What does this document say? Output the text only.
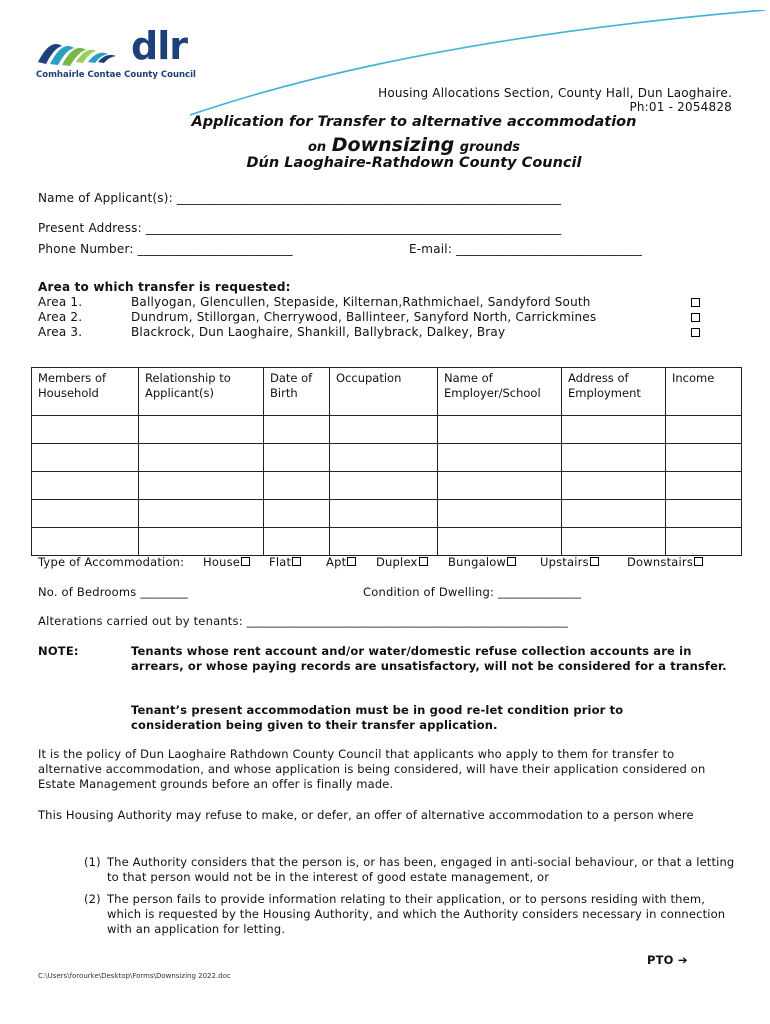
dlr
Comhairle Contae County Council
Housing Allocations Section, County Hall, Dun Laoghaire.
Ph:01 - 2054828
Application for Transfer to alternative accommodation
on Downsizing grounds
Dún Laoghaire-Rathdown County Council
Name of Applicant(s): ______________________________________________________________
Present Address: ___________________________________________________________________
Phone Number: _________________________	E-mail: ______________________________
Area to which transfer is requested:
Area 1.	Ballyogan, Glencullen, Stepaside, Kilternan,Rathmichael, Sandyford South
Area 2.	Dundrum, Stillorgan, Cherrywood, Ballinteer, Sanyford North, Carrickmines
Area 3.	Blackrock, Dun Laoghaire, Shankill, Ballybrack, Dalkey, Bray
Members of Household	Relationship to Applicant(s)	Date of Birth	Occupation	Name of Employer/School	Address of Employment	Income

Type of Accommodation: House	Flat	Apt	Duplex	Bungalow	Upstairs	Downstairs
No. of Bedrooms ________	Condition of Dwelling: ______________
Alterations carried out by tenants: ______________________________________________________
NOTE:	Tenants whose rent account and/or water/domestic refuse collection accounts are in arrears, or whose paying records are unsatisfactory, will not be considered for a transfer.
Tenant’s present accommodation must be in good re-let condition prior to consideration being given to their transfer application.
It is the policy of Dun Laoghaire Rathdown County Council that applicants who apply to them for transfer to alternative accommodation, and whose application is being considered, will have their application considered on Estate Management grounds before an offer is finally made.
This Housing Authority may refuse to make, or defer, an offer of alternative accommodation to a person where
(1) The Authority considers that the person is, or has been, engaged in anti-social behaviour, or that a letting to that person would not be in the interest of good estate management, or
(2) The person fails to provide information relating to their application, or to persons residing with them, which is requested by the Housing Authority, and which the Authority considers necessary in connection with an application for letting.
PTO ➔
C:\Users\forourke\Desktop\Forms\Downsizing 2022.doc
